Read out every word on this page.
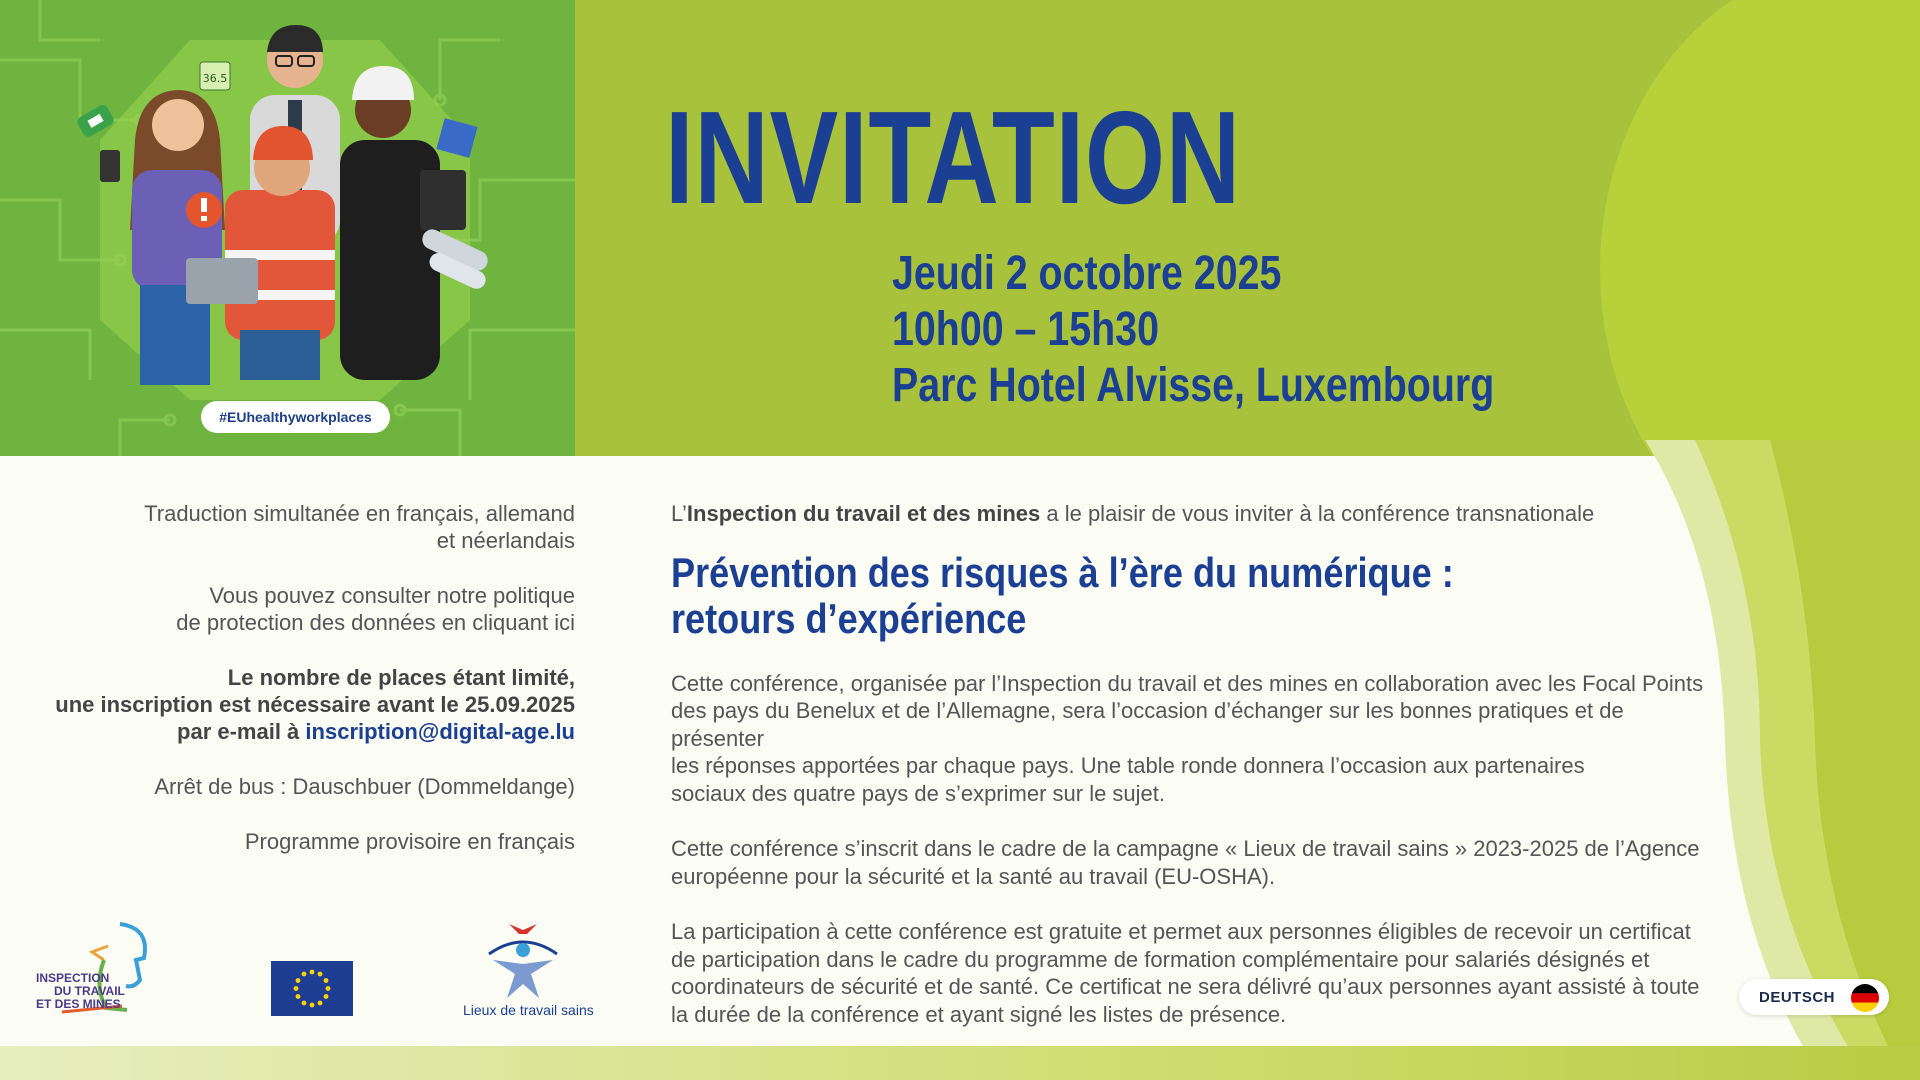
36.5
#EUhealthyworkplaces
INVITATION
Jeudi 2 octobre 2025
10h00 – 15h30
Parc Hotel Alvisse, Luxembourg

Traduction simultanée en français, allemand
et néerlandais

Vous pouvez consulter notre politique
de protection des données en cliquant ici

Le nombre de places étant limité,
une inscription est nécessaire avant le 25.09.2025
par e-mail à inscription@digital-age.lu

Arrêt de bus : Dauschbuer (Dommeldange)

Programme provisoire en français

L’Inspection du travail et des mines a le plaisir de vous inviter à la conférence transnationale
Prévention des risques à l’ère du numérique :
retours d’expérience
Cette conférence, organisée par l’Inspection du travail et des mines en collaboration avec les Focal Points
des pays du Benelux et de l’Allemagne, sera l’occasion d’échanger sur les bonnes pratiques et de présenter
les réponses apportées par chaque pays. Une table ronde donnera l’occasion aux partenaires
sociaux des quatre pays de s’exprimer sur le sujet.
Cette conférence s’inscrit dans le cadre de la campagne « Lieux de travail sains » 2023-2025 de l’Agence
européenne pour la sécurité et la santé au travail (EU-OSHA).
La participation à cette conférence est gratuite et permet aux personnes éligibles de recevoir un certificat
de participation dans le cadre du programme de formation complémentaire pour salariés désignés et
coordinateurs de sécurité et de santé. Ce certificat ne sera délivré qu’aux personnes ayant assisté à toute
la durée de la conférence et ayant signé les listes de présence.
INSPECTION
DU TRAVAIL
ET DES MINES	Lieux de travail sains
DEUTSCH
